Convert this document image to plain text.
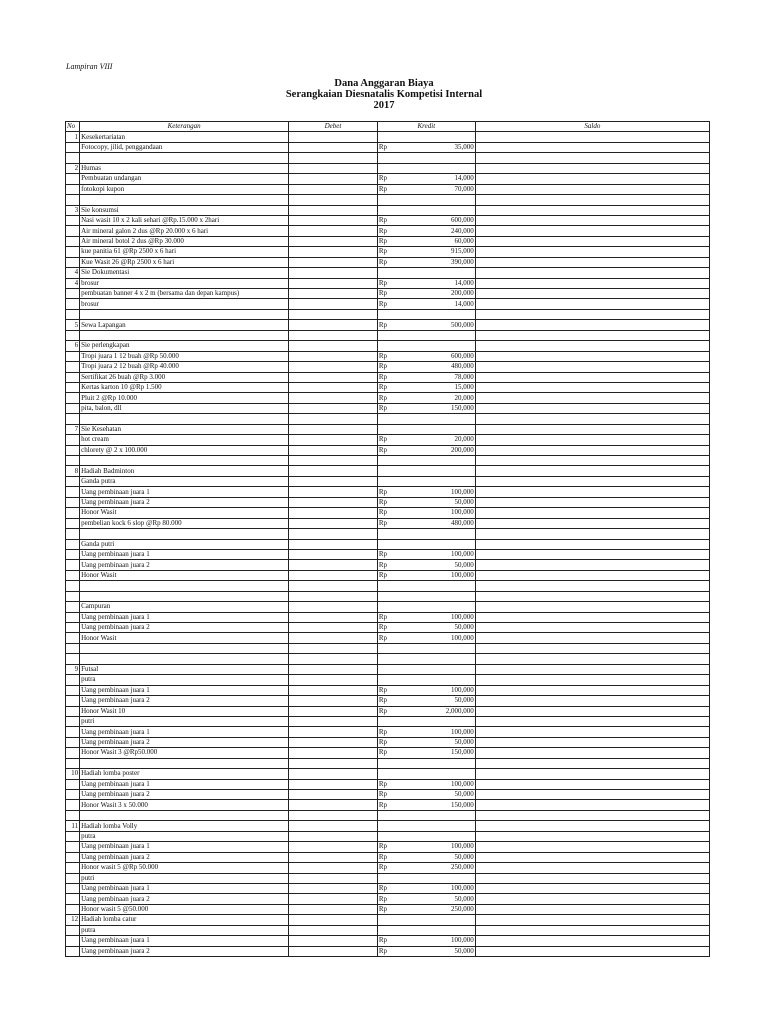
Lampiran VIII
Dana Anggaran Biaya
Serangkaian Diesnatalis Kompetisi Internal
2017
No	Keterangan	Debet	Kredit		Saldo
1	Kesekertariatan				
	Fotocopy, jilid, penggandaan		Rp	35,000	

2	Humas				
	Pembuatan undangan		Rp	14,000	
	fotokopi kupon		Rp	70,000	

3	Sie konsumsi				
	Nasi wasit 10 x 2 kali sehari @Rp.15.000 x 2hari		Rp	600,000	
	Air mineral galon 2 dus @Rp 20.000 x 6 hari		Rp	240,000	
	Air mineral botol 2 dus @Rp 30.000		Rp	60,000	
	kue panitia 61 @Rp 2500 x 6 hari		Rp	915,000	
	Kue Wasit 26 @Rp 2500 x 6 hari		Rp	390,000	
4	Sie Dokumentasi				
4	brosur		Rp	14,000	
	pembuatan banner 4 x 2 m (bersama dan depan kampus)		Rp	200,000	
	brosur		Rp	14,000	

5	Sewa Lapangan		Rp	500,000	

6	Sie perlengkapan				
	Tropi juara 1 12 buah @Rp 50.000		Rp	600,000	
	Tropi juara 2 12 buah @Rp 40.000		Rp	480,000	
	Sertifikat 26 buah @Rp 3.000		Rp	78,000	
	Kertas karton 10 @Rp 1.500		Rp	15,000	
	Pluit 2 @Rp 10.000		Rp	20,000	
	pita, balon, dll		Rp	150,000	

7	Sie Kesehatan				
	hot cream		Rp	20,000	
	chlorety @ 2 x 100.000		Rp	200,000	

8	Hadiah Badminton				
	Ganda putra				
	Uang pembinaan juara 1		Rp	100,000	
	Uang pembinaan juara 2		Rp	50,000	
	Honor Wasit		Rp	100,000	
	pembelian kock 6 slop @Rp 80.000		Rp	480,000	

	Ganda putri				
	Uang pembinaan juara 1		Rp	100,000	
	Uang pembinaan juara 2		Rp	50,000	
	Honor Wasit		Rp	100,000	

	Campuran				
	Uang pembinaan juara 1		Rp	100,000	
	Uang pembinaan juara 2		Rp	50,000	
	Honor Wasit		Rp	100,000	

9	Futsal				
	putra				
	Uang pembinaan juara 1		Rp	100,000	
	Uang pembinaan juara 2		Rp	50,000	
	Honor Wasit 10		Rp	2,000,000	
	putri				
	Uang pembinaan juara 1		Rp	100,000	
	Uang pembinaan juara 2		Rp	50,000	
	Honor Wasit 3 @Rp50.000		Rp	150,000	

10	Hadiah lomba poster				
	Uang pembinaan juara 1		Rp	100,000	
	Uang pembinaan juara 2		Rp	50,000	
	Honor Wasit 3 x 50.000		Rp	150,000	

11	Hadiah lomba Volly				
	putra				
	Uang pembinaan juara 1		Rp	100,000	
	Uang pembinaan juara 2		Rp	50,000	
	Honor wasit 5 @Rp 50.000		Rp	250,000	
	putri				
	Uang pembinaan juara 1		Rp	100,000	
	Uang pembinaan juara 2		Rp	50,000	
	Honor wasit 5 @50.000		Rp	250,000	
12	Hadiah lomba catur				
	putra				
	Uang pembinaan juara 1		Rp	100,000	
	Uang pembinaan juara 2		Rp	50,000	
